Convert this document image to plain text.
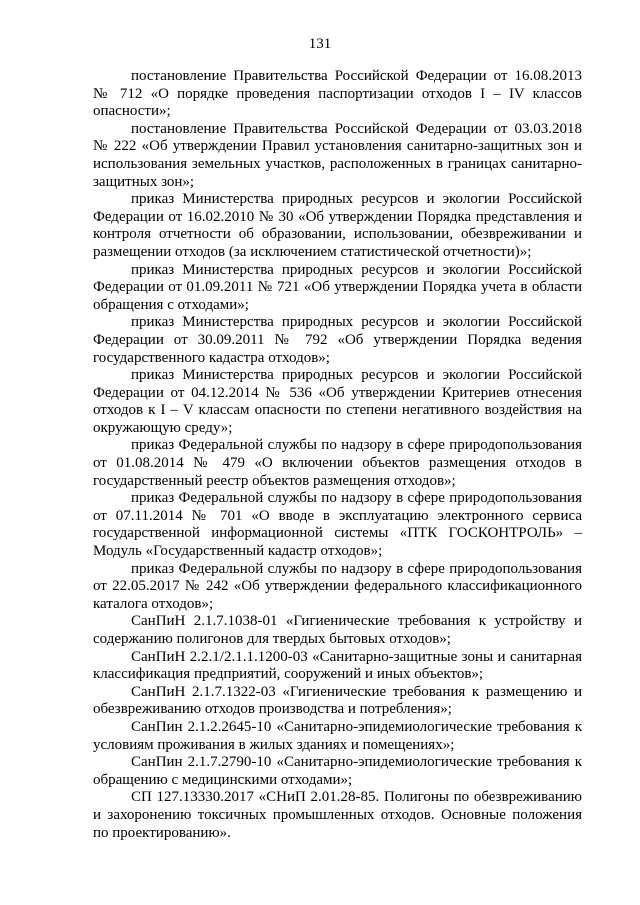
131

постановление Правительства Российской Федерации от 16.08.2013 № 712 «О порядке проведения паспортизации отходов I – IV классов опасности»;

постановление Правительства Российской Федерации от 03.03.2018 № 222 «Об утверждении Правил установления санитарно-защитных зон и использования земельных участков, расположенных в границах санитарно-защитных зон»;

приказ Министерства природных ресурсов и экологии Российской Федерации от 16.02.2010 № 30 «Об утверждении Порядка представления и контроля отчетности об образовании, использовании, обезвреживании и размещении отходов (за исключением статистической отчетности)»;

приказ Министерства природных ресурсов и экологии Российской Федерации от 01.09.2011 № 721 «Об утверждении Порядка учета в области обращения с отходами»;

приказ Министерства природных ресурсов и экологии Российской Федерации от 30.09.2011 № 792 «Об утверждении Порядка ведения государственного кадастра отходов»;

приказ Министерства природных ресурсов и экологии Российской Федерации от 04.12.2014 № 536 «Об утверждении Критериев отнесения отходов к I – V классам опасности по степени негативного воздействия на окружающую среду»;

приказ Федеральной службы по надзору в сфере природопользования от 01.08.2014 № 479 «О включении объектов размещения отходов в государственный реестр объектов размещения отходов»;

приказ Федеральной службы по надзору в сфере природопользования от 07.11.2014 № 701 «О вводе в эксплуатацию электронного сервиса государственной информационной системы «ПТК ГОСКОНТРОЛЬ» – Модуль «Государственный кадастр отходов»;

приказ Федеральной службы по надзору в сфере природопользования от 22.05.2017 № 242 «Об утверждении федерального классификационного каталога отходов»;

СанПиН 2.1.7.1038-01 «Гигиенические требования к устройству и содержанию полигонов для твердых бытовых отходов»;

СанПиН 2.2.1/2.1.1.1200-03 «Санитарно-защитные зоны и санитарная классификация предприятий, сооружений и иных объектов»;

СанПиН 2.1.7.1322-03 «Гигиенические требования к размещению и обезвреживанию отходов производства и потребления»;

СанПин 2.1.2.2645-10 «Санитарно-эпидемиологические требования к условиям проживания в жилых зданиях и помещениях»;

СанПин 2.1.7.2790-10 «Санитарно-эпидемиологические требования к обращению с медицинскими отходами»;

СП 127.13330.2017 «СНиП 2.01.28-85. Полигоны по обезвреживанию и захоронению токсичных промышленных отходов. Основные положения по проектированию».
